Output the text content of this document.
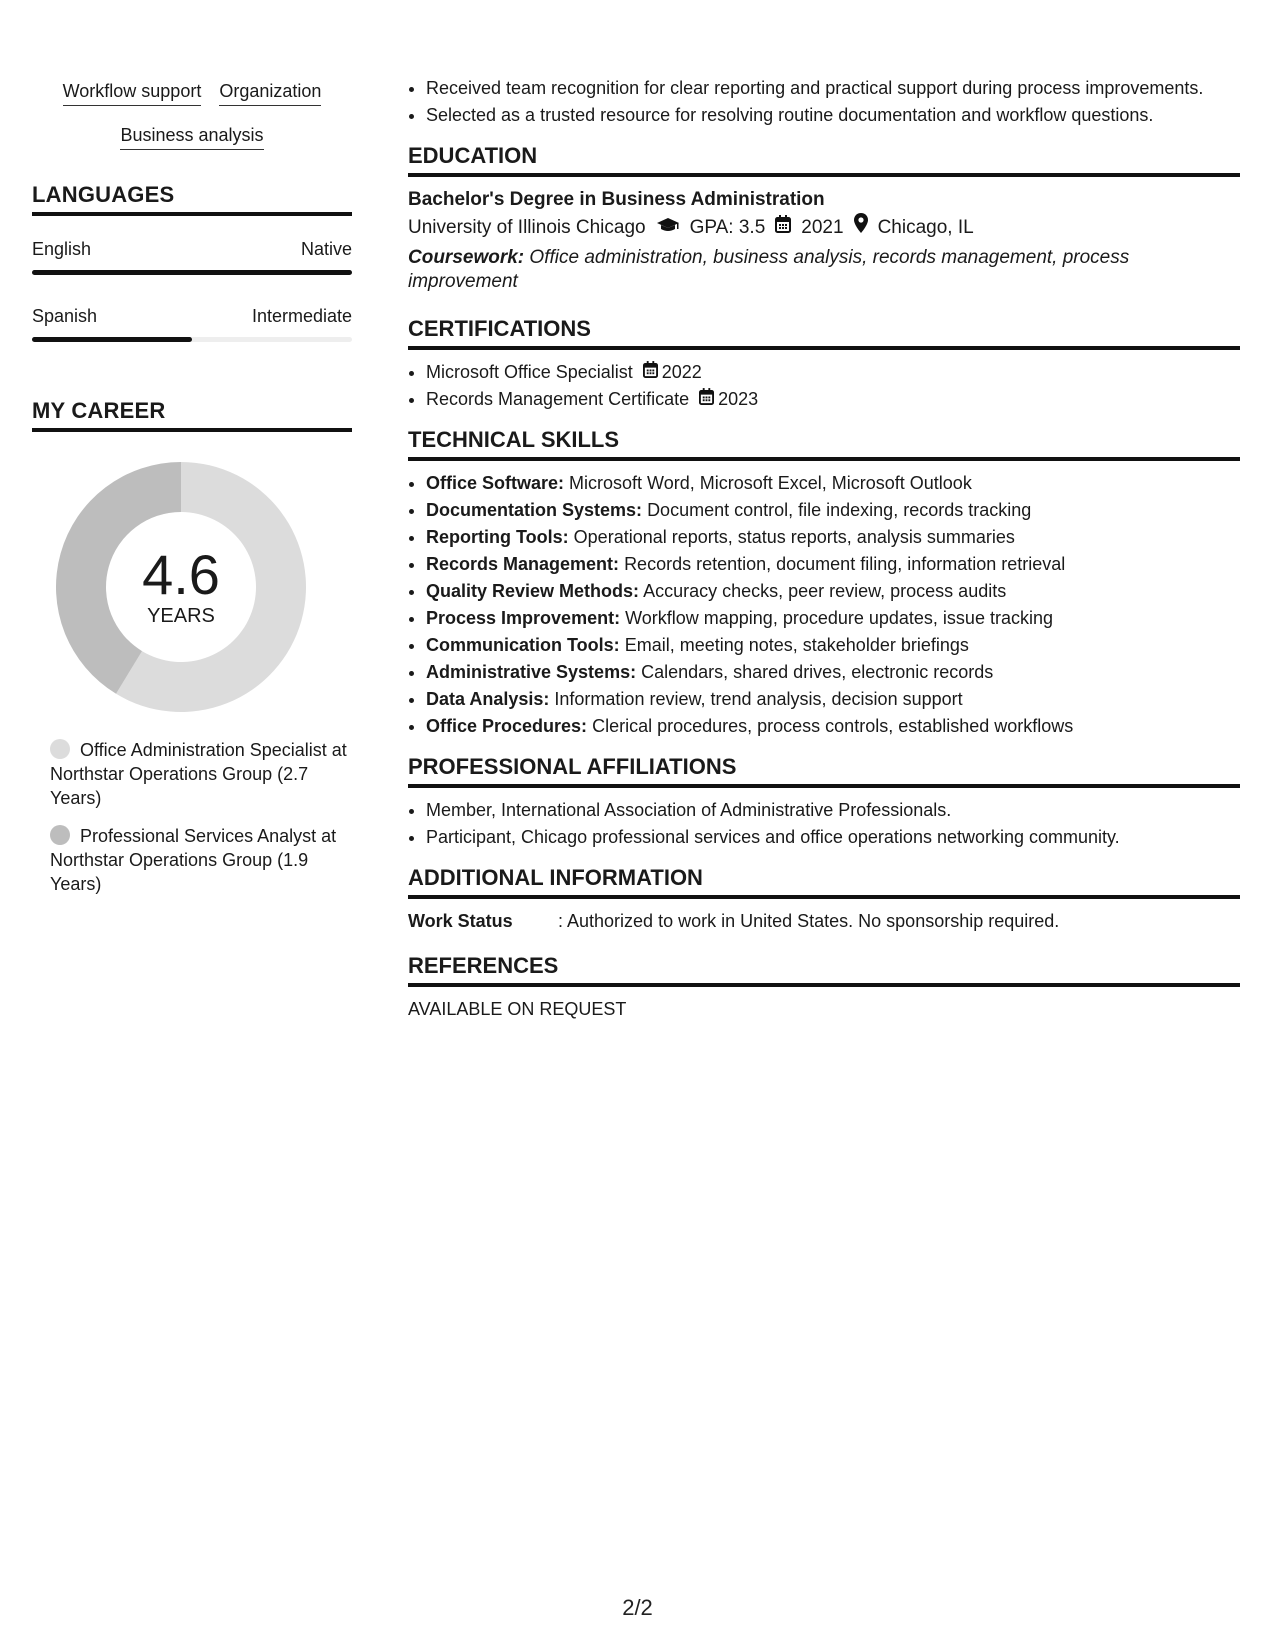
Workflow support Organization
Business analysis
LANGUAGES
English	Native
Spanish	Intermediate
MY CAREER
4.6
YEARS
Office Administration Specialist at Northstar Operations Group (2.7 Years)
Professional Services Analyst at Northstar Operations Group (1.9 Years)
• Received team recognition for clear reporting and practical support during process improvements.
• Selected as a trusted resource for resolving routine documentation and workflow questions.
EDUCATION
Bachelor's Degree in Business Administration
University of Illinois Chicago GPA: 3.5 2021 Chicago, IL
Coursework: Office administration, business analysis, records management, process improvement
CERTIFICATIONS
• Microsoft Office Specialist 2022
• Records Management Certificate 2023
TECHNICAL SKILLS
• Office Software: Microsoft Word, Microsoft Excel, Microsoft Outlook
• Documentation Systems: Document control, file indexing, records tracking
• Reporting Tools: Operational reports, status reports, analysis summaries
• Records Management: Records retention, document filing, information retrieval
• Quality Review Methods: Accuracy checks, peer review, process audits
• Process Improvement: Workflow mapping, procedure updates, issue tracking
• Communication Tools: Email, meeting notes, stakeholder briefings
• Administrative Systems: Calendars, shared drives, electronic records
• Data Analysis: Information review, trend analysis, decision support
• Office Procedures: Clerical procedures, process controls, established workflows
PROFESSIONAL AFFILIATIONS
• Member, International Association of Administrative Professionals.
• Participant, Chicago professional services and office operations networking community.
ADDITIONAL INFORMATION
Work Status	: Authorized to work in United States. No sponsorship required.
REFERENCES
AVAILABLE ON REQUEST
2/2
